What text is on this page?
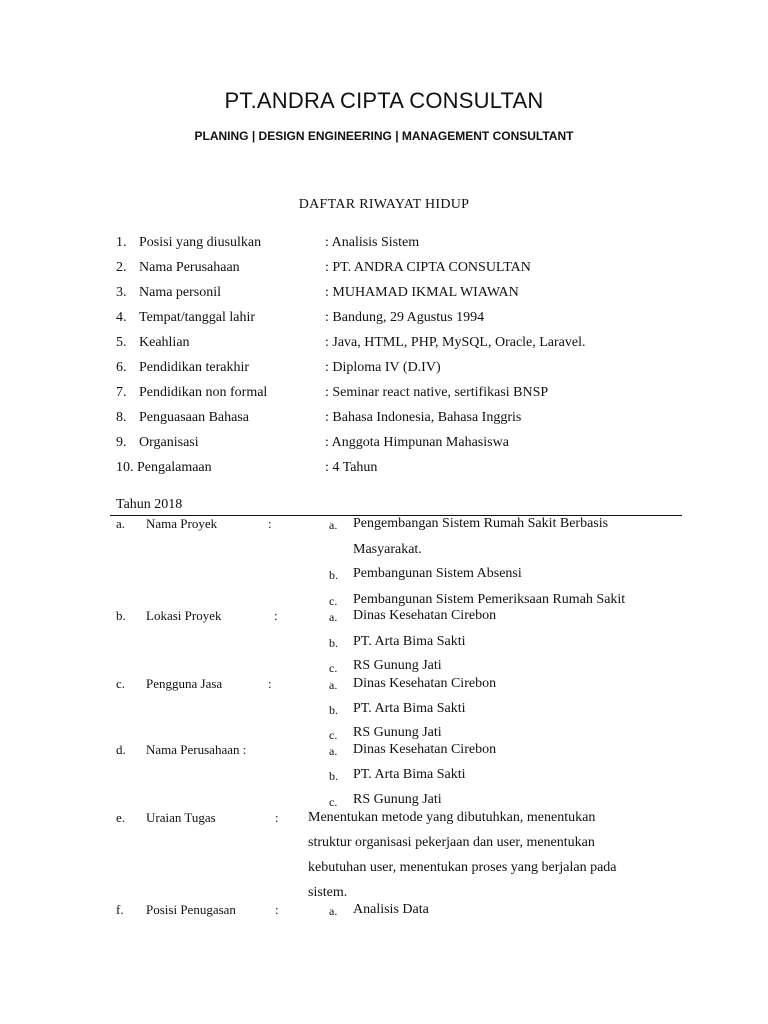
PT.ANDRA CIPTA CONSULTAN
PLANING | DESIGN ENGINEERING | MANAGEMENT CONSULTANT
DAFTAR RIWAYAT HIDUP
1. Posisi yang diusulkan	: Analisis Sistem
2. Nama Perusahaan	: PT. ANDRA CIPTA CONSULTAN
3. Nama personil	: MUHAMAD IKMAL WIAWAN
4. Tempat/tanggal lahir	: Bandung, 29 Agustus 1994
5. Keahlian	: Java, HTML, PHP, MySQL, Oracle, Laravel.
6. Pendidikan terakhir	: Diploma IV (D.IV)
7. Pendidikan non formal	: Seminar react native, sertifikasi BNSP
8. Penguasaan Bahasa	: Bahasa Indonesia, Bahasa Inggris
9. Organisasi	: Anggota Himpunan Mahasiswa
10. Pengalamaan	: 4 Tahun
Tahun 2018
a. Nama Proyek	:	a. Pengembangan Sistem Rumah Sakit Berbasis
Masyarakat.
b. Pembangunan Sistem Absensi
c. Pembangunan Sistem Pemeriksaan Rumah Sakit
b. Lokasi Proyek	:	a. Dinas Kesehatan Cirebon
b. PT. Arta Bima Sakti
c. RS Gunung Jati
c. Pengguna Jasa	:	a. Dinas Kesehatan Cirebon
b. PT. Arta Bima Sakti
c. RS Gunung Jati
d. Nama Perusahaan :	a. Dinas Kesehatan Cirebon
b. PT. Arta Bima Sakti
c. RS Gunung Jati
e. Uraian Tugas	: Menentukan metode yang dibutuhkan, menentukan
struktur organisasi pekerjaan dan user, menentukan
kebutuhan user, menentukan proses yang berjalan pada
sistem.
f. Posisi Penugasan	:	a. Analisis Data
